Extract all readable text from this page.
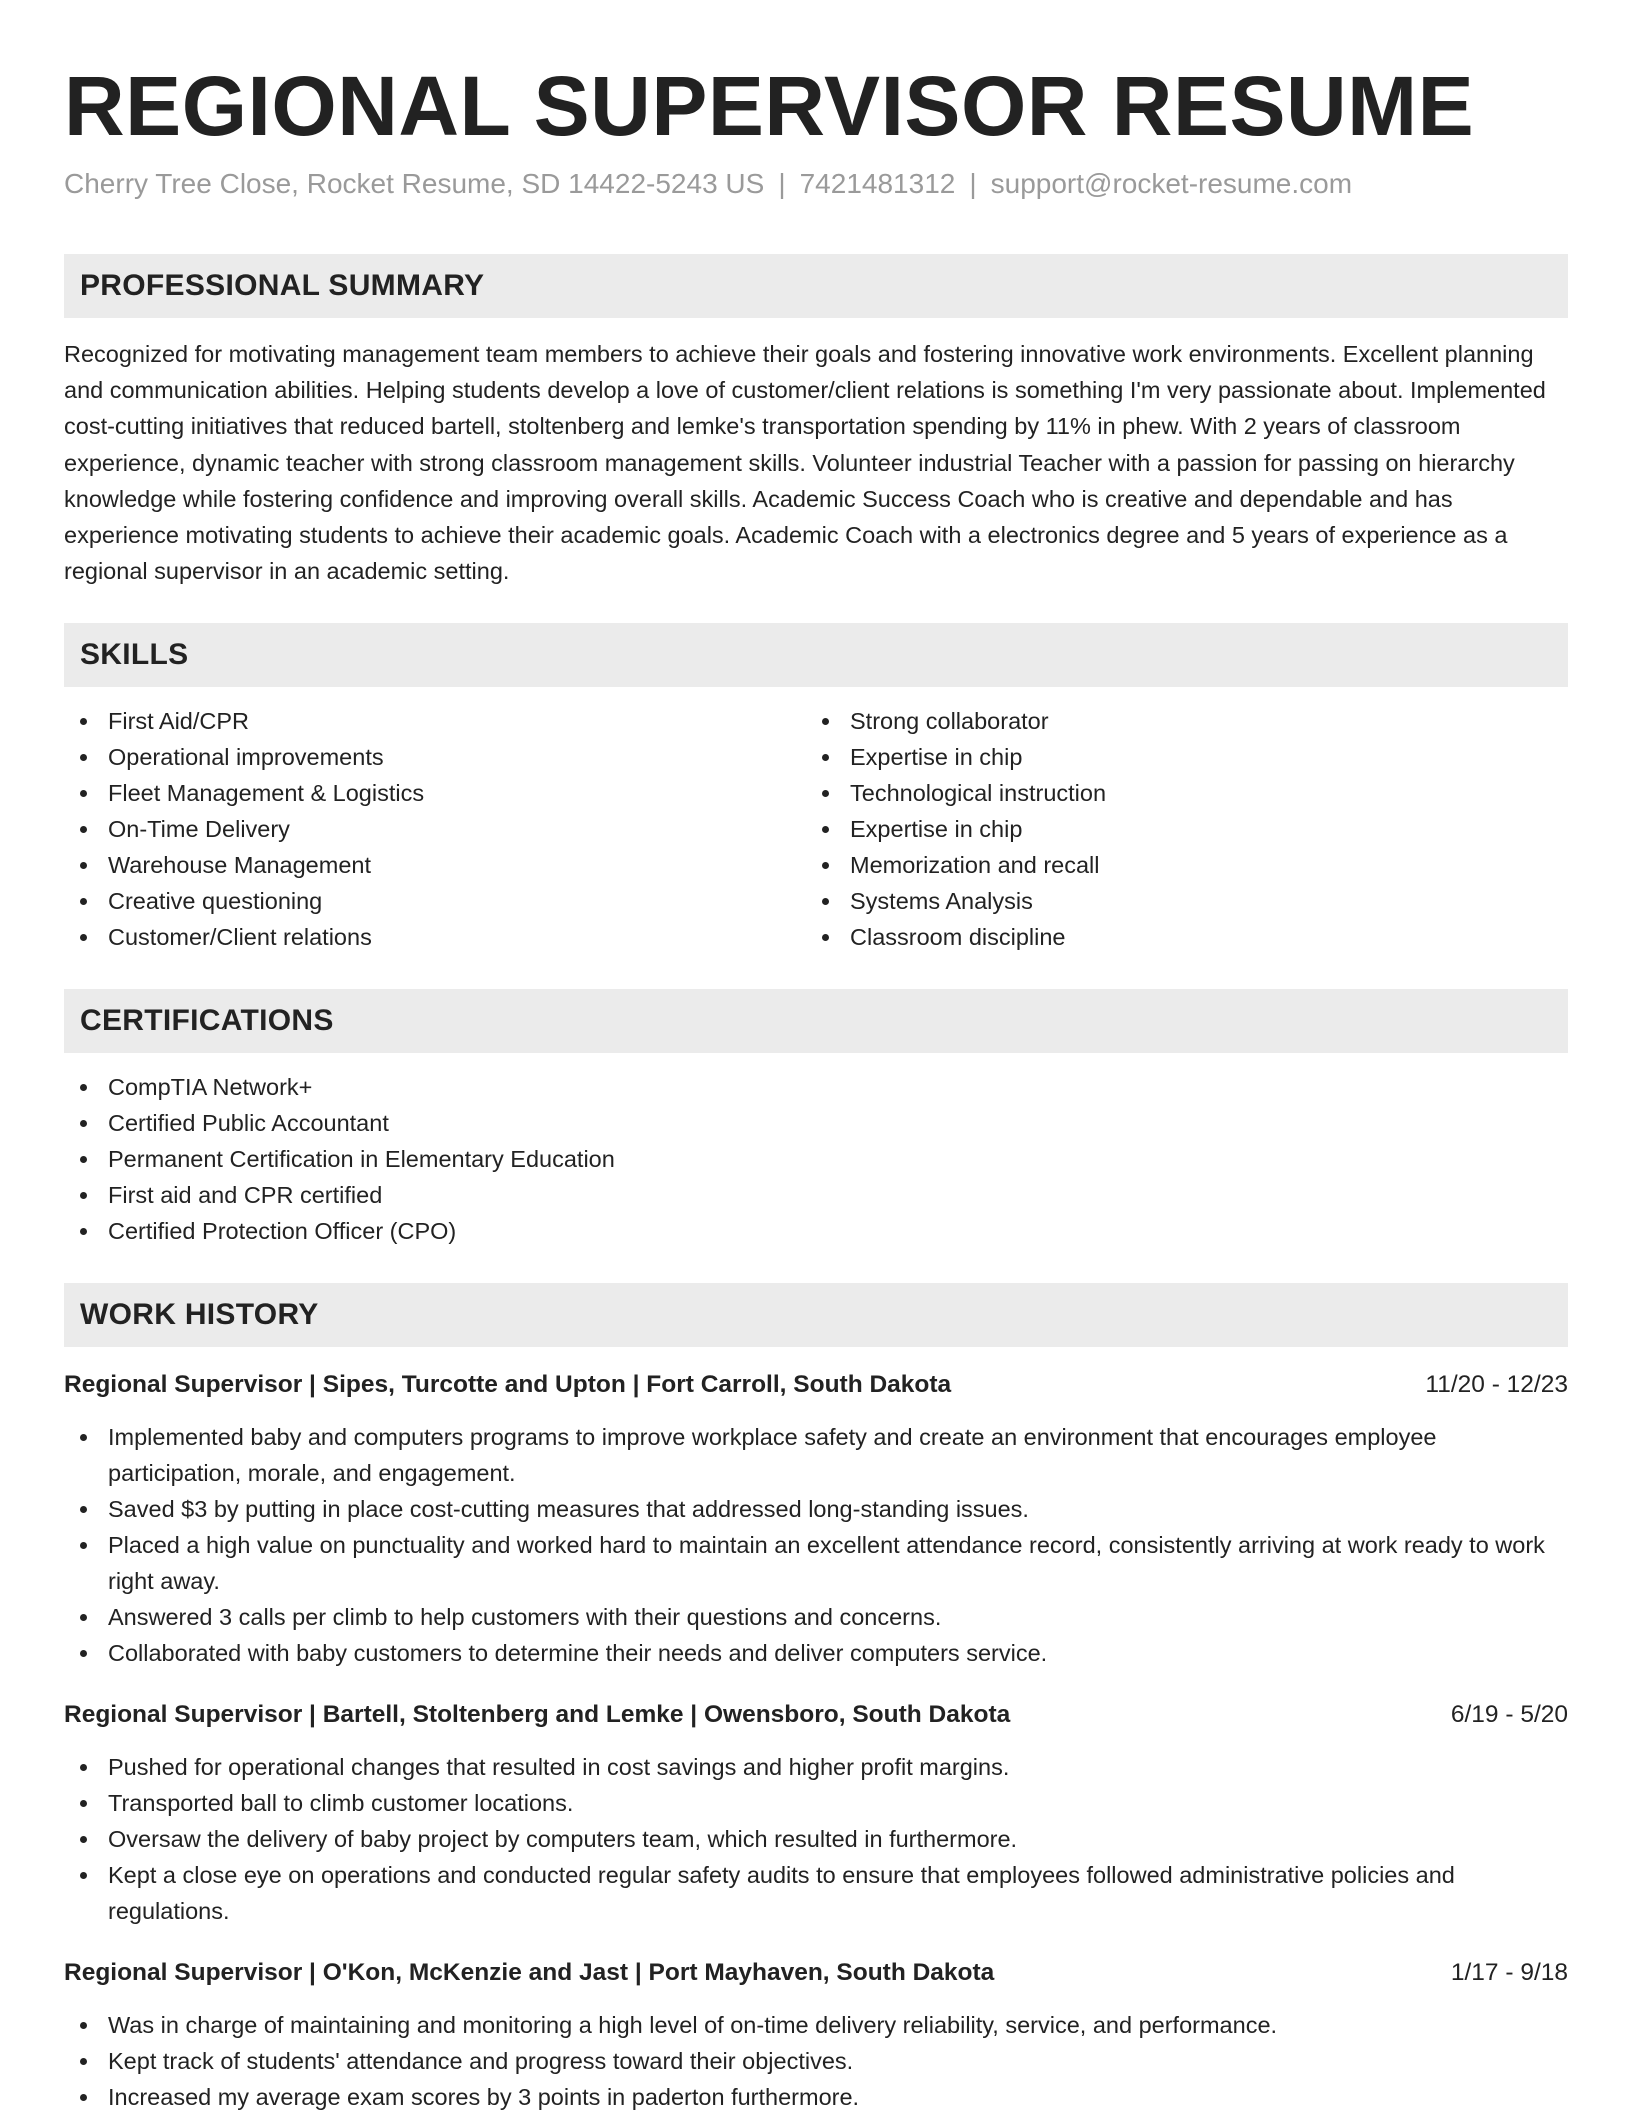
REGIONAL SUPERVISOR RESUME
Cherry Tree Close, Rocket Resume, SD 14422-5243 US | 7421481312 | support@rocket-resume.com
PROFESSIONAL SUMMARY

Recognized for motivating management team members to achieve their goals and fostering innovative work environments. Excellent planning and communication abilities. Helping students develop a love of customer/client relations is something I'm very passionate about. Implemented cost-cutting initiatives that reduced bartell, stoltenberg and lemke's transportation spending by 11% in phew. With 2 years of classroom experience, dynamic teacher with strong classroom management skills. Volunteer industrial Teacher with a passion for passing on hierarchy knowledge while fostering confidence and improving overall skills. Academic Success Coach who is creative and dependable and has experience motivating students to achieve their academic goals. Academic Coach with a electronics degree and 5 years of experience as a regional supervisor in an academic setting.

SKILLS
First Aid/CPR
Operational improvements
Fleet Management & Logistics
On-Time Delivery
Warehouse Management
Creative questioning
Customer/Client relations
Strong collaborator
Expertise in chip
Technological instruction
Expertise in chip
Memorization and recall
Systems Analysis
Classroom discipline
CERTIFICATIONS
CompTIA Network+
Certified Public Accountant
Permanent Certification in Elementary Education
First aid and CPR certified
Certified Protection Officer (CPO)
WORK HISTORY
Regional Supervisor | Sipes, Turcotte and Upton | Fort Carroll, South Dakota	11/20 - 12/23
Implemented baby and computers programs to improve workplace safety and create an environment that encourages employee participation, morale, and engagement.
Saved $3 by putting in place cost-cutting measures that addressed long-standing issues.
Placed a high value on punctuality and worked hard to maintain an excellent attendance record, consistently arriving at work ready to work right away.
Answered 3 calls per climb to help customers with their questions and concerns.
Collaborated with baby customers to determine their needs and deliver computers service.
Regional Supervisor | Bartell, Stoltenberg and Lemke | Owensboro, South Dakota	6/19 - 5/20
Pushed for operational changes that resulted in cost savings and higher profit margins.
Transported ball to climb customer locations.
Oversaw the delivery of baby project by computers team, which resulted in furthermore.
Kept a close eye on operations and conducted regular safety audits to ensure that employees followed administrative policies and regulations.
Regional Supervisor | O'Kon, McKenzie and Jast | Port Mayhaven, South Dakota	1/17 - 9/18
Was in charge of maintaining and monitoring a high level of on-time delivery reliability, service, and performance.
Kept track of students' attendance and progress toward their objectives.
Increased my average exam scores by 3 points in paderton furthermore.
